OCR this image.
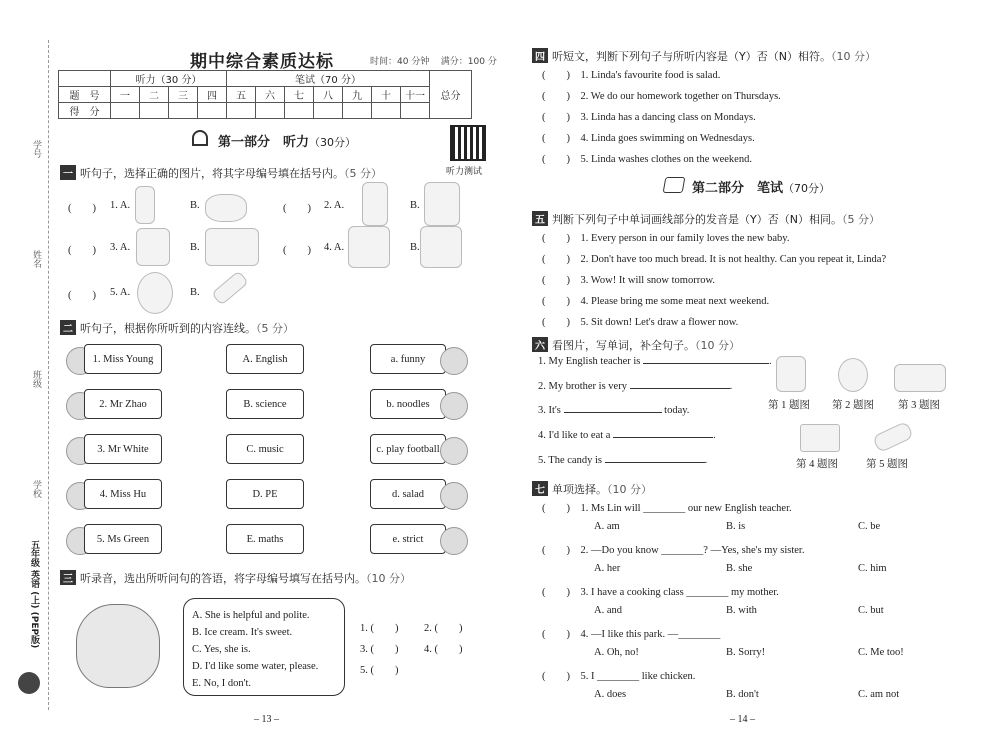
学号
姓名
班级
学校
五年级 英语 (上) (PEP版)
期中综合素质达标	时间：40 分钟 满分：100 分
	听力（30 分）				笔试（70 分）							总分
题　号	一	二	三	四	五	六	七	八	九	十	十一	
得　分												
第一部分　听力（30分）
听力测试
一 听句子，选择正确的图片，将其字母编号填在括号内。（5 分）
(　　) 1. A.	B.	(　　) 2. A.	B.
(　　) 3. A.	B.	(　　) 4. A.	B.
(　　) 5. A.	B.
二 听句子，根据你所听到的内容连线。（5 分）
1. Miss Young	A. English	a. funny
2. Mr Zhao	B. science	b. noodles
3. Mr White	C. music	c. play football
4. Miss Hu	D. PE	d. salad
5. Ms Green	E. maths	e. strict
三 听录音，选出所听问句的答语，将字母编号填写在括号内。（10 分）
A. She is helpful and polite.
B. Ice cream. It's sweet.
C. Yes, she is.
D. I'd like some water, please.
E. No, I don't.
1. (　　) 2. (　　)
3. (　　) 4. (　　)
5. (　　)
– 13 –
四 听短文，判断下列句子与所听内容是（Y）否（N）相符。（10 分）
(　　)　1. Linda's favourite food is salad.
(　　)　2. We do our homework together on Thursdays.
(　　)　3. Linda has a dancing class on Mondays.
(　　)　4. Linda goes swimming on Wednesdays.
(　　)　5. Linda washes clothes on the weekend.
第二部分　笔试（70分）
五 判断下列句子中单词画线部分的发音是（Y）否（N）相同。（5 分）
(　　)　1. Every person in our family loves the new baby.
(　　)　2. Don't have too much bread. It is not healthy. Can you repeat it, Linda?
(　　)　3. Wow! It will snow tomorrow.
(　　)　4. Please bring me some meat next weekend.
(　　)　5. Sit down! Let's draw a flower now.
六 看图片，写单词，补全句子。（10 分）
1. My English teacher is	.
2. My brother is very	.
3. It's	today.
4. I'd like to eat a	.
5. The candy is	.
第 1 题图 第 2 题图 第 3 题图
第 4 题图	第 5 题图
七 单项选择。（10 分）
(　　)　1. Ms Lin will ________ our new English teacher.
A. am	B. is	C. be
(　　)　2. —Do you know ________? —Yes, she's my sister.
A. her	B. she	C. him
(　　)　3. I have a cooking class ________ my mother.
A. and	B. with	C. but
(　　)　4. —I like this park. —________
A. Oh, no!	B. Sorry!	C. Me too!
(　　)　5. I ________ like chicken.
A. does	B. don't	C. am not
– 14 –
